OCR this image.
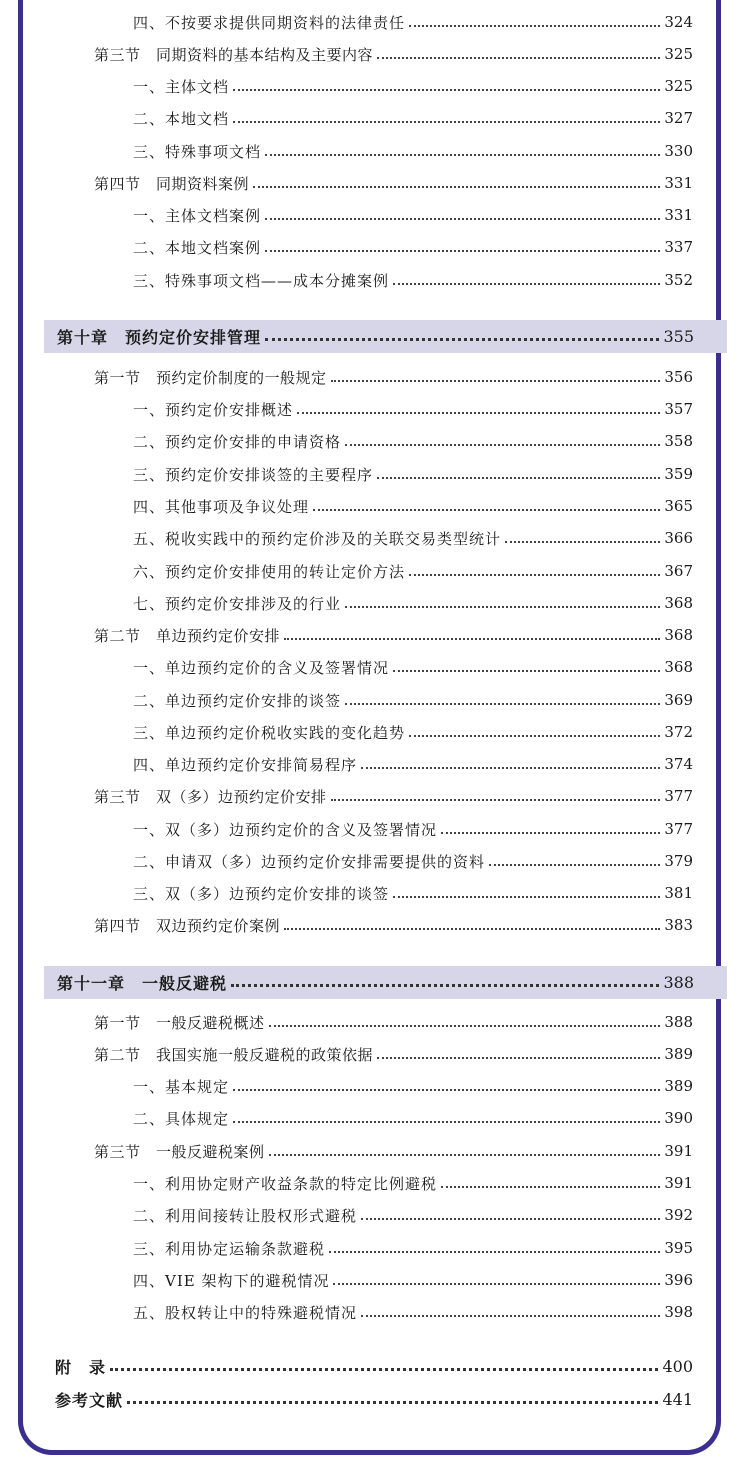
四、不按要求提供同期资料的法律责任	324
第三节　同期资料的基本结构及主要内容	325
一、主体文档	325
二、本地文档	327
三、特殊事项文档	330
第四节　同期资料案例	331
一、主体文档案例	331
二、本地文档案例	337
三、特殊事项文档——成本分摊案例	352
第十章　预约定价安排管理	355
第一节　预约定价制度的一般规定	356
一、预约定价安排概述	357
二、预约定价安排的申请资格	358
三、预约定价安排谈签的主要程序	359
四、其他事项及争议处理	365
五、税收实践中的预约定价涉及的关联交易类型统计	366
六、预约定价安排使用的转让定价方法	367
七、预约定价安排涉及的行业	368
第二节　单边预约定价安排	368
一、单边预约定价的含义及签署情况	368
二、单边预约定价安排的谈签	369
三、单边预约定价税收实践的变化趋势	372
四、单边预约定价安排简易程序	374
第三节　双（多）边预约定价安排	377
一、双（多）边预约定价的含义及签署情况	377
二、申请双（多）边预约定价安排需要提供的资料	379
三、双（多）边预约定价安排的谈签	381
第四节　双边预约定价案例	383
第十一章　一般反避税	388
第一节　一般反避税概述	388
第二节　我国实施一般反避税的政策依据	389
一、基本规定	389
二、具体规定	390
第三节　一般反避税案例	391
一、利用协定财产收益条款的特定比例避税	391
二、利用间接转让股权形式避税	392
三、利用协定运输条款避税	395
四、VIE 架构下的避税情况	396
五、股权转让中的特殊避税情况	398
附　录	400
参考文献	441
